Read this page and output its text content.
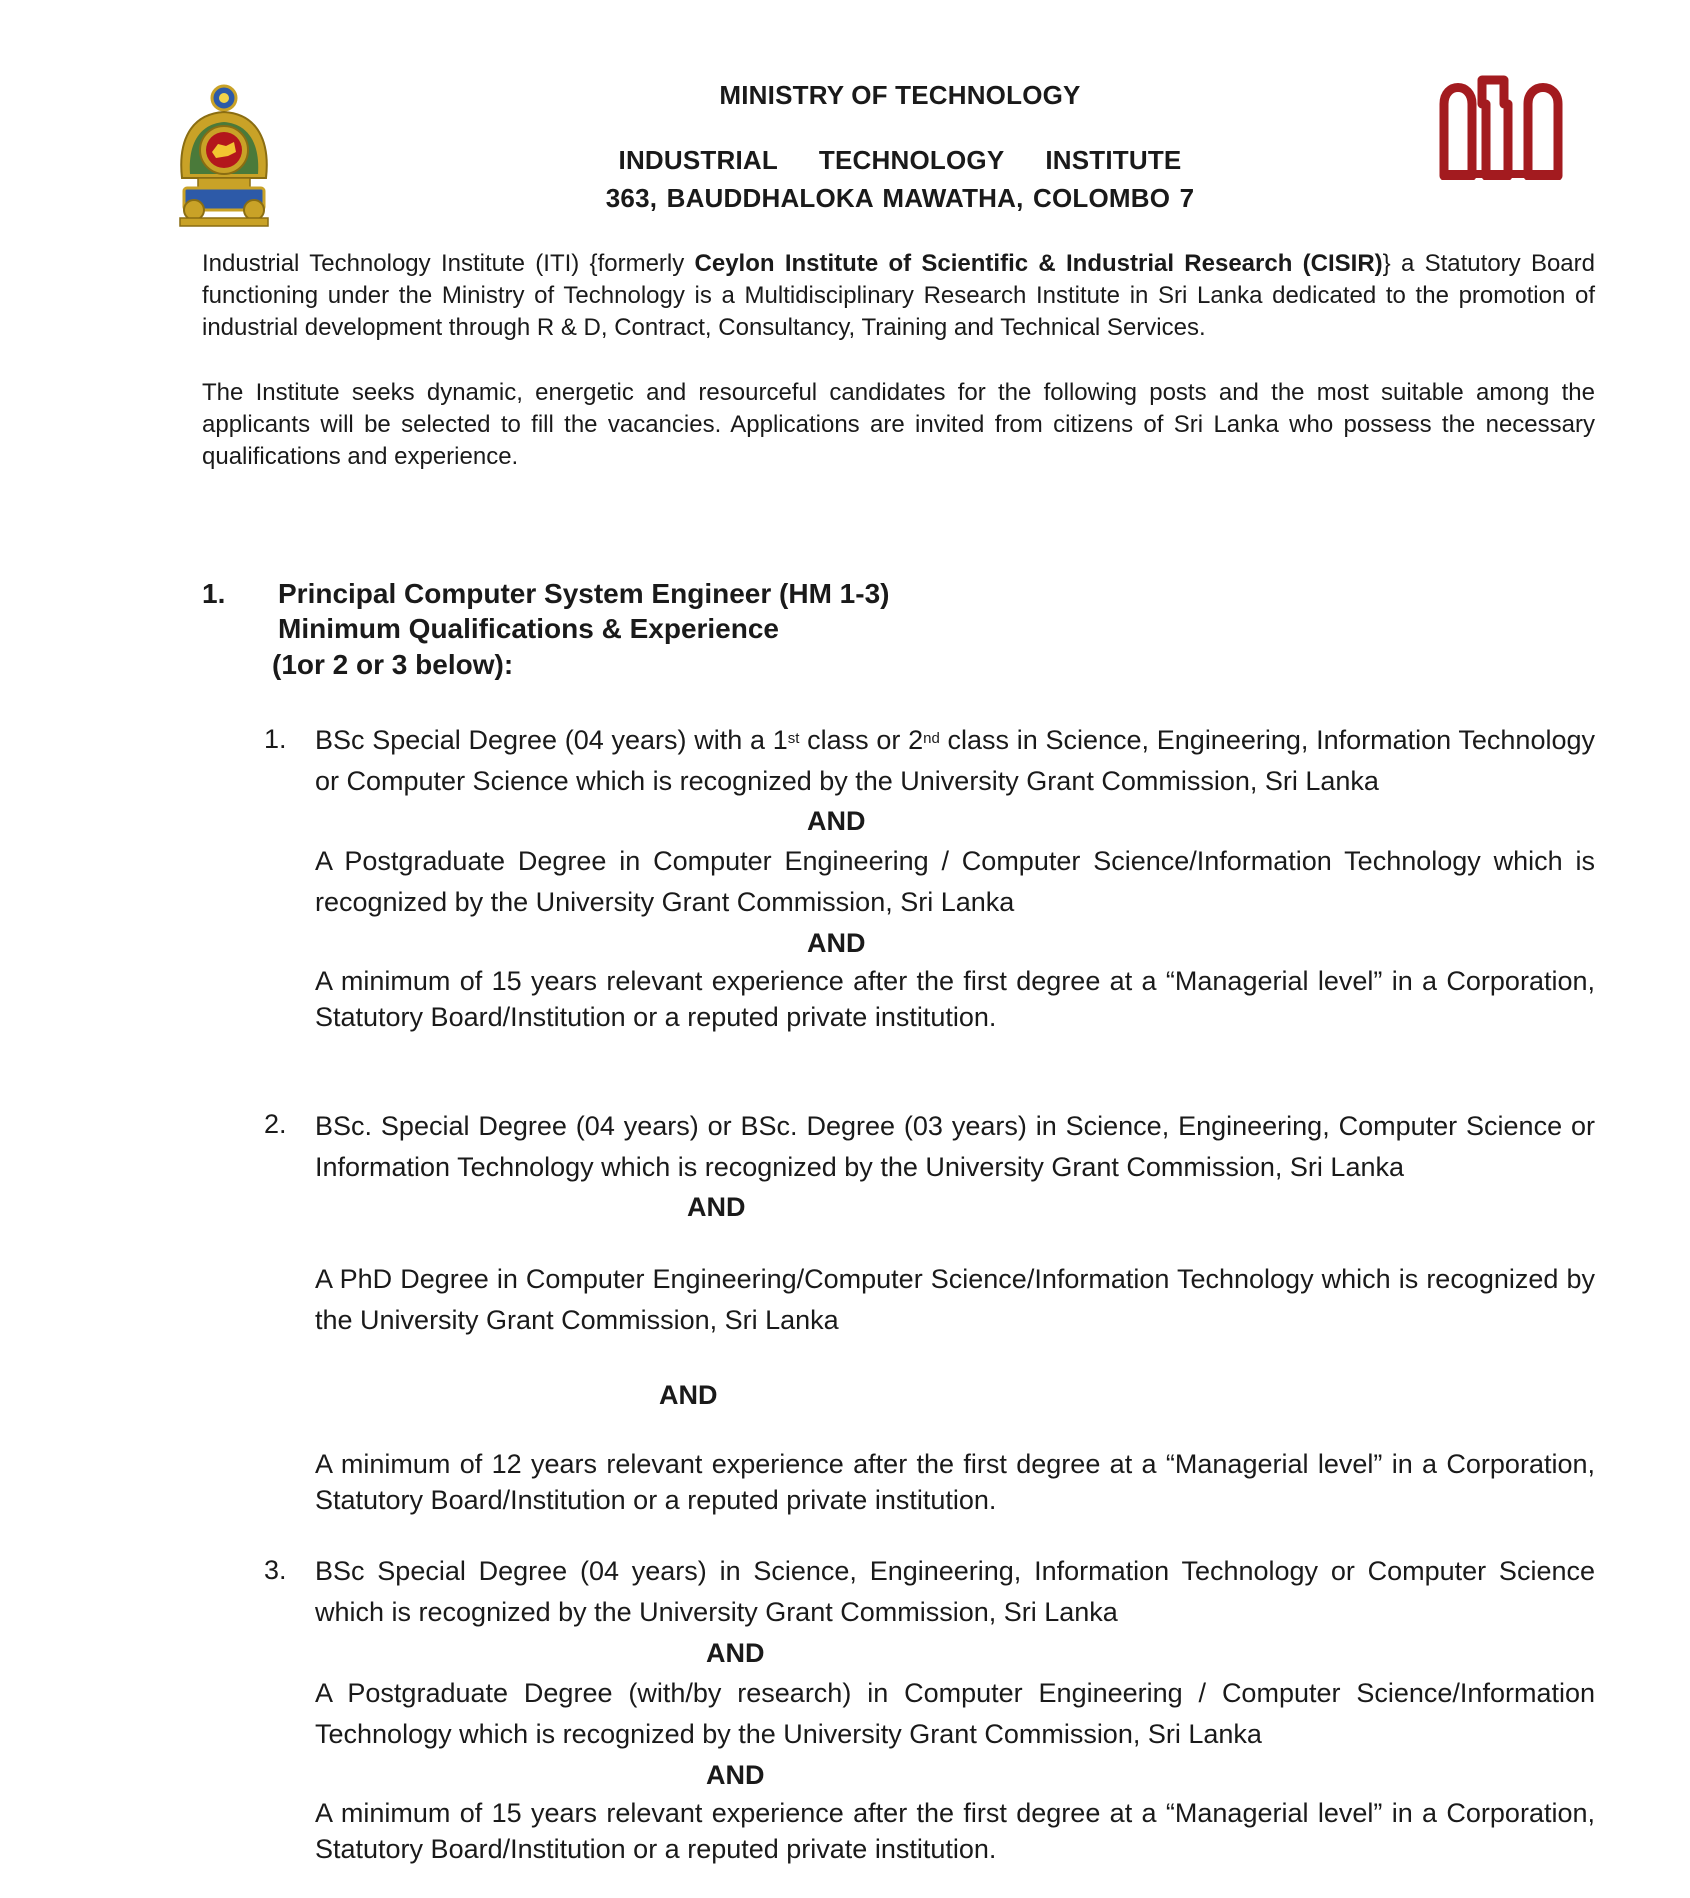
MINISTRY OF TECHNOLOGY
INDUSTRIAL TECHNOLOGY INSTITUTE
363, BAUDDHALOKA MAWATHA, COLOMBO 7
Industrial Technology Institute (ITI) {formerly Ceylon Institute of Scientific & Industrial Research (CISIR)} a Statutory Board functioning under the Ministry of Technology is a Multidisciplinary Research Institute in Sri Lanka dedicated to the promotion of industrial development through R & D, Contract, Consultancy, Training and Technical Services.
The Institute seeks dynamic, energetic and resourceful candidates for the following posts and the most suitable among the applicants will be selected to fill the vacancies. Applications are invited from citizens of Sri Lanka who possess the necessary qualifications and experience.
1. Principal Computer System Engineer (HM 1-3)
Minimum Qualifications & Experience
(1or 2 or 3 below):
1. BSc Special Degree (04 years) with a 1st class or 2nd class in Science, Engineering, Information Technology or Computer Science which is recognized by the University Grant Commission, Sri Lanka
AND
A Postgraduate Degree in Computer Engineering / Computer Science/Information Technology which is recognized by the University Grant Commission, Sri Lanka
AND
A minimum of 15 years relevant experience after the first degree at a “Managerial level” in a Corporation, Statutory Board/Institution or a reputed private institution.
2. BSc. Special Degree (04 years) or BSc. Degree (03 years) in Science, Engineering, Computer Science or Information Technology which is recognized by the University Grant Commission, Sri Lanka
AND
A PhD Degree in Computer Engineering/Computer Science/Information Technology which is recognized by the University Grant Commission, Sri Lanka
AND
A minimum of 12 years relevant experience after the first degree at a “Managerial level” in a Corporation, Statutory Board/Institution or a reputed private institution.
3. BSc Special Degree (04 years) in Science, Engineering, Information Technology or Computer Science which is recognized by the University Grant Commission, Sri Lanka
AND
A Postgraduate Degree (with/by research) in Computer Engineering / Computer Science/Information Technology which is recognized by the University Grant Commission, Sri Lanka
AND
A minimum of 15 years relevant experience after the first degree at a “Managerial level” in a Corporation, Statutory Board/Institution or a reputed private institution.
